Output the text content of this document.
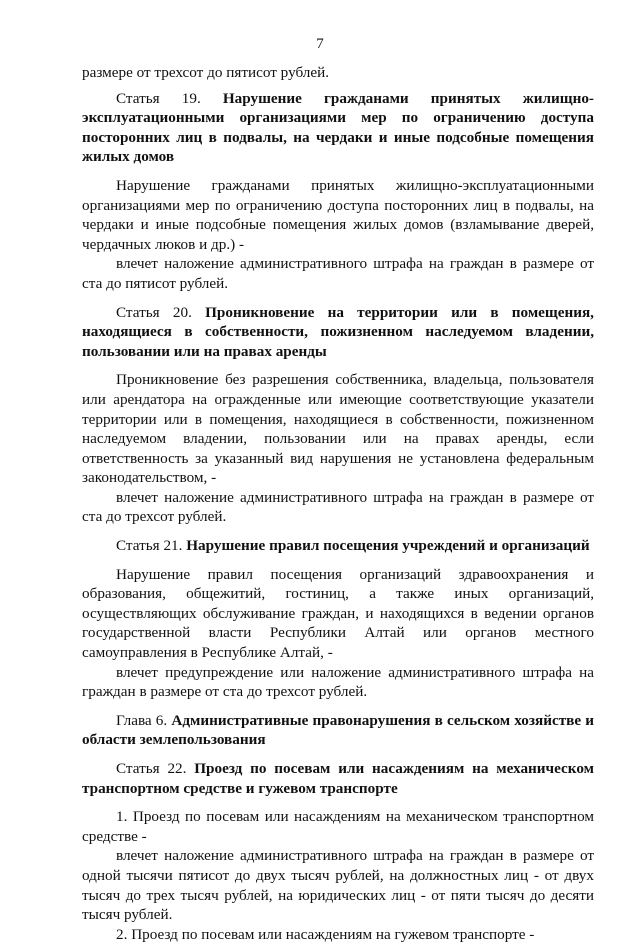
7

размере от трехсот до пятисот рублей.

Статья 19. Нарушение гражданами принятых жилищно-эксплуатационными организациями мер по ограничению доступа посторонних лиц в подвалы, на чердаки и иные подсобные помещения жилых домов

Нарушение гражданами принятых жилищно-эксплуатационными организациями мер по ограничению доступа посторонних лиц в подвалы, на чердаки и иные подсобные помещения жилых домов (взламывание дверей, чердачных люков и др.) -

влечет наложение административного штрафа на граждан в размере от ста до пятисот рублей.

Статья 20. Проникновение на территории или в помещения, находящиеся в собственности, пожизненном наследуемом владении, пользовании или на правах аренды

Проникновение без разрешения собственника, владельца, пользователя или арендатора на огражденные или имеющие соответствующие указатели территории или в помещения, находящиеся в собственности, пожизненном наследуемом владении, пользовании или на правах аренды, если ответственность за указанный вид нарушения не установлена федеральным законодательством, -

влечет наложение административного штрафа на граждан в размере от ста до трехсот рублей.

Статья 21. Нарушение правил посещения учреждений и организаций

Нарушение правил посещения организаций здравоохранения и образования, общежитий, гостиниц, а также иных организаций, осуществляющих обслуживание граждан, и находящихся в ведении органов государственной власти Республики Алтай или органов местного самоуправления в Республике Алтай, -

влечет предупреждение или наложение административного штрафа на граждан в размере от ста до трехсот рублей.

Глава 6. Административные правонарушения в сельском хозяйстве и области землепользования

Статья 22. Проезд по посевам или насаждениям на механическом транспортном средстве и гужевом транспорте

1. Проезд по посевам или насаждениям на механическом транспортном средстве -

влечет наложение административного штрафа на граждан в размере от одной тысячи пятисот до двух тысяч рублей, на должностных лиц - от двух тысяч до трех тысяч рублей, на юридических лиц - от пяти тысяч до десяти тысяч рублей.

2. Проезд по посевам или насаждениям на гужевом транспорте -
